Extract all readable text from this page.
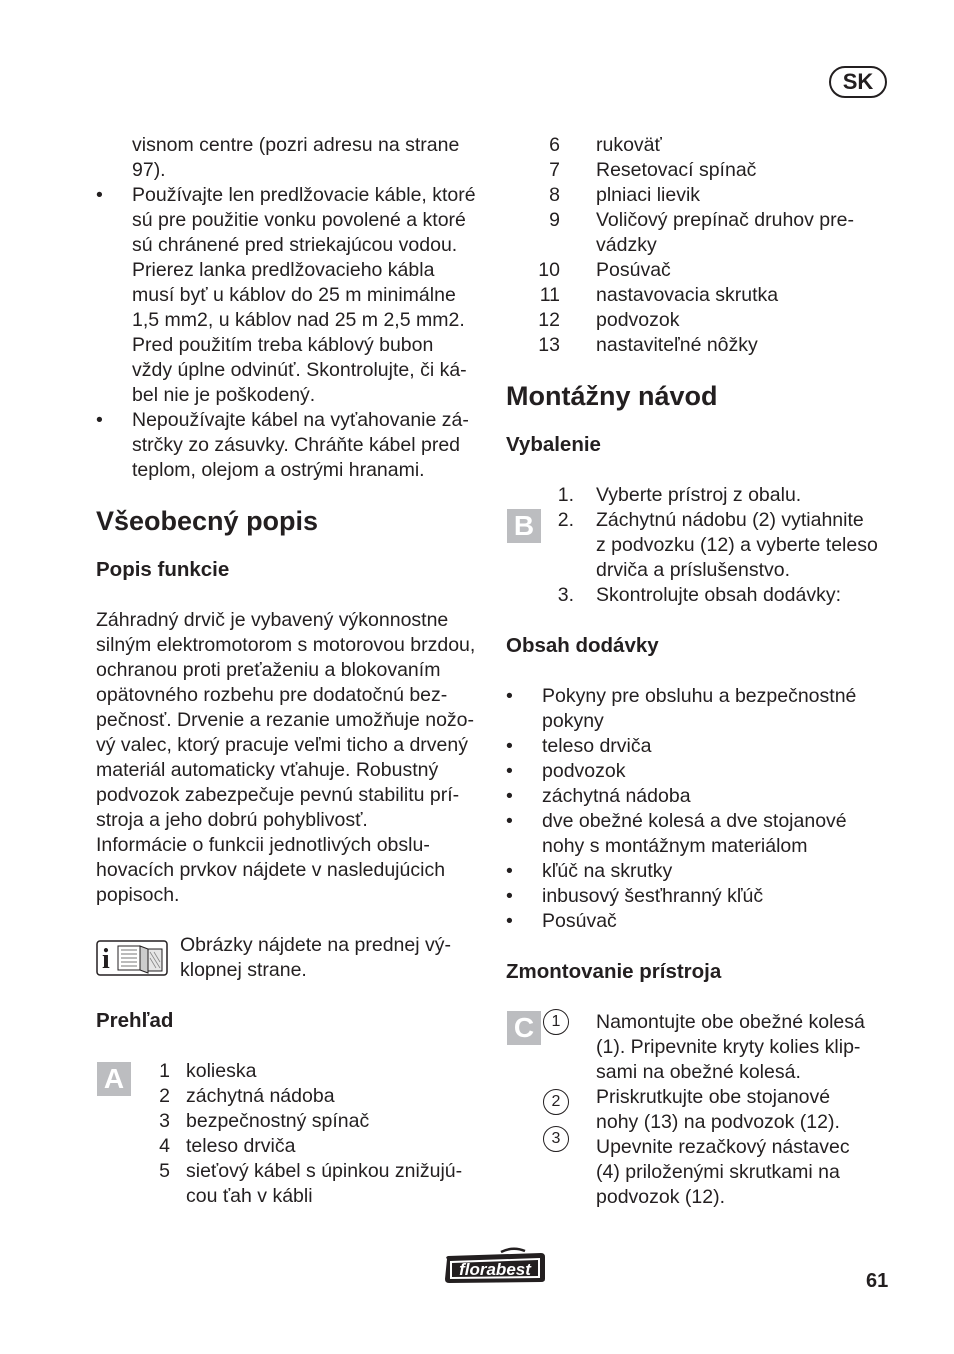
SK
visnom centre (pozri adresu na strane
97).
• Používajte len predlžovacie káble, ktoré
sú pre použitie vonku povolené a ktoré
sú chránené pred striekajúcou vodou.
Prierez lanka predlžovacieho kábla
musí byť u káblov do 25 m minimálne
1,5 mm2, u káblov nad 25 m 2,5 mm2.
Pred použitím treba káblový bubon
vždy úplne odvinúť. Skontrolujte, či ká-
bel nie je poškodený.
• Nepoužívajte kábel na vyťahovanie zá-
strčky zo zásuvky. Chráňte kábel pred
teplom, olejom a ostrými hranami.
Všeobecný popis
Popis funkcie
Záhradný drvič je vybavený výkonnostne
silným elektromotorom s motorovou brzdou,
ochranou proti preťaženiu a blokovaním
opätovného rozbehu pre dodatočnú bez-
pečnosť. Drvenie a rezanie umožňuje nožo-
vý valec, ktorý pracuje veľmi ticho a drvený
materiál automaticky vťahuje. Robustný
podvozok zabezpečuje pevnú stabilitu prí-
stroja a jeho dobrú pohyblivosť.
Informácie o funkcii jednotlivých obslu-
hovacích prvkov nájdete v nasledujúcich
popisoch.
Obrázky nájdete na prednej vý-
klopnej strane.
Prehľad
1 kolieska
2 záchytná nádoba
3 bezpečnostný spínač
4 teleso drviča
5 sieťový kábel s úpinkou znižujú-
cou ťah v kábli
i
A
6 rukoväť
7 Resetovací spínač
8 plniaci lievik
9 Voličový prepínač druhov pre-
vádzky
10 Posúvač
11 nastavovacia skrutka
12 podvozok
13 nastaviteľné nôžky
Montážny návod
Vybalenie
1. Vyberte prístroj z obalu.
2. Záchytnú nádobu (2) vytiahnite
z podvozku (12) a vyberte teleso
drviča a príslušenstvo.
3. Skontrolujte obsah dodávky:
Obsah dodávky
• Pokyny pre obsluhu a bezpečnostné
pokyny
• teleso drviča
• podvozok
• záchytná nádoba
• dve obežné kolesá a dve stojanové
nohy s montážnym materiálom
• kľúč na skrutky
• inbusový šesťhranný kľúč
• Posúvač
Zmontovanie prístroja
1	Namontujte obe obežné kolesá
(1). Pripevnite kryty kolies klip-
sami na obežné kolesá.
2	Priskrutkujte obe stojanové
nohy (13) na podvozok (12).
3	Upevnite rezačkový nástavec
(4) priloženými skrutkami na
podvozok (12).
B
C
florabest
61
